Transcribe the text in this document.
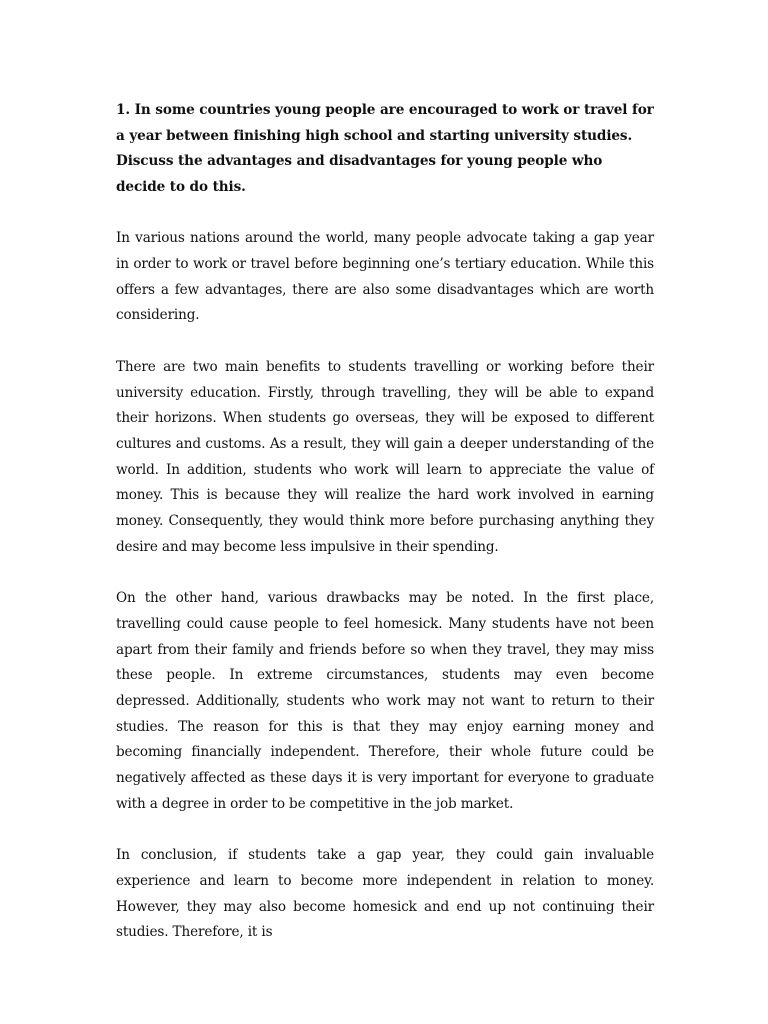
1. In some countries young people are encouraged to work or travel for a year between finishing high school and starting university studies. Discuss the advantages and disadvantages for young people who decide to do this.

In various nations around the world, many people advocate taking a gap year in order to work or travel before beginning one’s tertiary education. While this offers a few advantages, there are also some disadvantages which are worth considering.

There are two main benefits to students travelling or working before their university education. Firstly, through travelling, they will be able to expand their horizons. When students go overseas, they will be exposed to different cultures and customs. As a result, they will gain a deeper understanding of the world. In addition, students who work will learn to appreciate the value of money. This is because they will realize the hard work involved in earning money. Consequently, they would think more before purchasing anything they desire and may become less impulsive in their spending.

On the other hand, various drawbacks may be noted. In the first place, travelling could cause people to feel homesick. Many students have not been apart from their family and friends before so when they travel, they may miss these people. In extreme circumstances, students may even become depressed. Additionally, students who work may not want to return to their studies. The reason for this is that they may enjoy earning money and becoming financially independent. Therefore, their whole future could be negatively affected as these days it is very important for everyone to graduate with a degree in order to be competitive in the job market.

In conclusion, if students take a gap year, they could gain invaluable experience and learn to become more independent in relation to money. However, they may also become homesick and end up not continuing their studies. Therefore, it is
